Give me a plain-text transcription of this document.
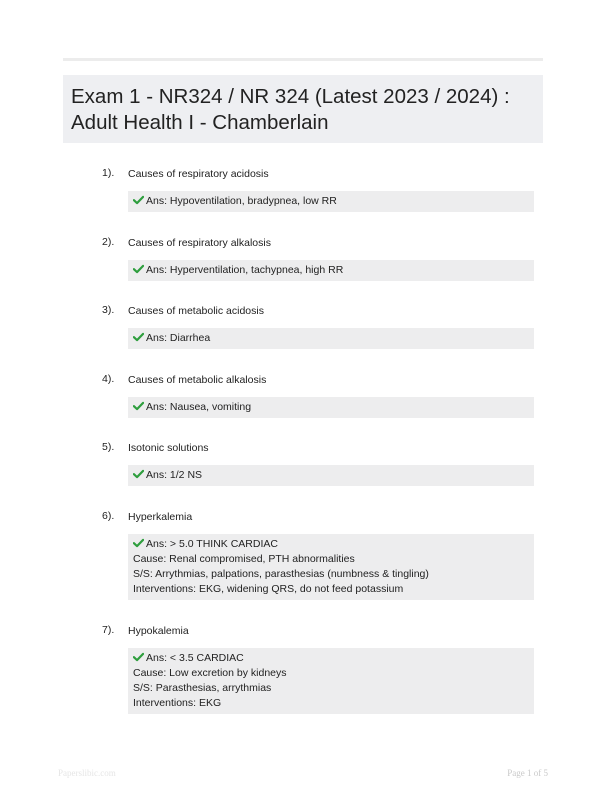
Exam 1 - NR324 / NR 324 (Latest 2023 / 2024) : Adult Health I - Chamberlain
1). Causes of respiratory acidosis
Ans: Hypoventilation, bradypnea, low RR
2). Causes of respiratory alkalosis
Ans: Hyperventilation, tachypnea, high RR
3). Causes of metabolic acidosis
Ans: Diarrhea
4). Causes of metabolic alkalosis
Ans: Nausea, vomiting
5). Isotonic solutions
Ans: 1/2 NS
6). Hyperkalemia
Ans: > 5.0 THINK CARDIAC
Cause: Renal compromised, PTH abnormalities
S/S: Arrythmias, palpations, parasthesias (numbness & tingling)
Interventions: EKG, widening QRS, do not feed potassium
7). Hypokalemia
Ans: < 3.5 CARDIAC
Cause: Low excretion by kidneys
S/S: Parasthesias, arrythmias
Interventions: EKG
Paperslibic.com	Page 1 of 5
